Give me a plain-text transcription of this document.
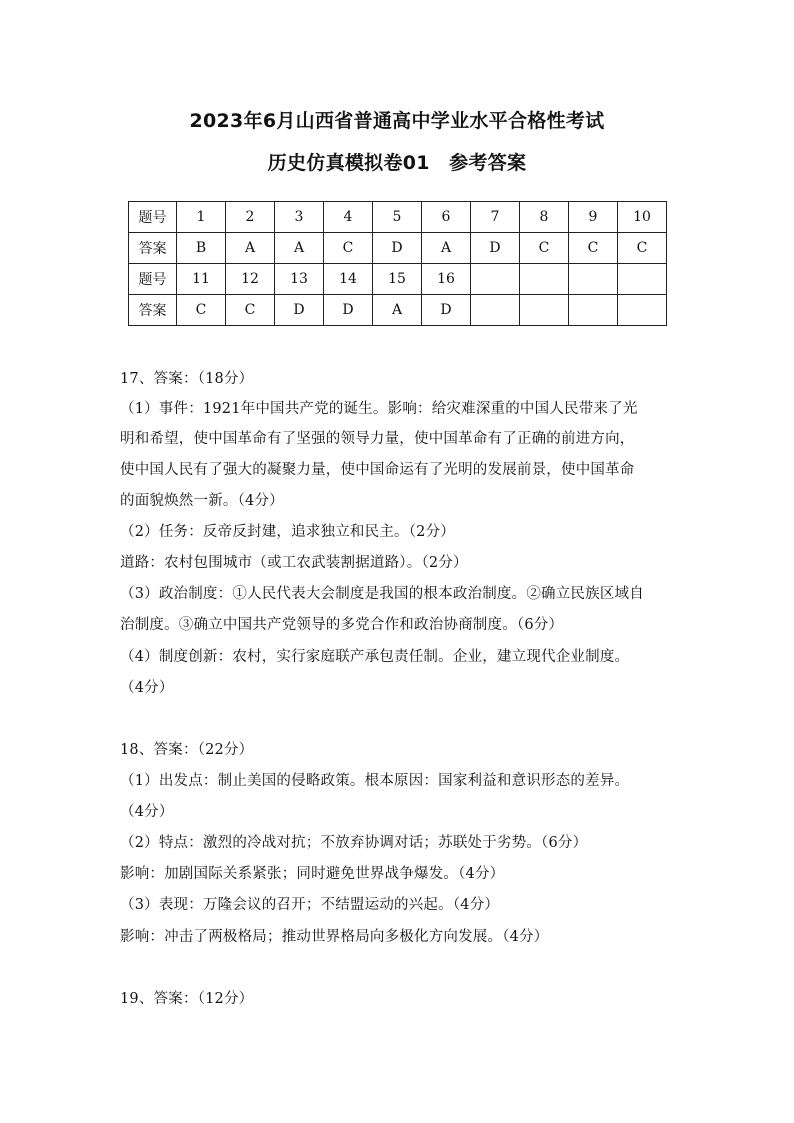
2023年6月山西省普通高中学业水平合格性考试
历史仿真模拟卷01　参考答案
题号	1	2	3	4	5	6	7	8	9	10
答案	B	A	A	C	D	A	D	C	C	C
题号	11	12	13	14	15	16				
答案	C	C	D	D	A	D				
17、答案：（18分）
（1）事件：1921年中国共产党的诞生。影响：给灾难深重的中国人民带来了光
明和希望，使中国革命有了坚强的领导力量，使中国革命有了正确的前进方向，
使中国人民有了强大的凝聚力量，使中国命运有了光明的发展前景，使中国革命
的面貌焕然一新。（4分）
（2）任务：反帝反封建，追求独立和民主。（2分）
道路：农村包围城市（或工农武装割据道路）。（2分）
（3）政治制度：①人民代表大会制度是我国的根本政治制度。②确立民族区域自
治制度。③确立中国共产党领导的多党合作和政治协商制度。（6分）
（4）制度创新：农村，实行家庭联产承包责任制。企业，建立现代企业制度。
（4分）
18、答案：（22分）
（1）出发点：制止美国的侵略政策。根本原因：国家利益和意识形态的差异。
（4分）
（2）特点：激烈的冷战对抗；不放弃协调对话；苏联处于劣势。（6分）
影响：加剧国际关系紧张；同时避免世界战争爆发。（4分）
（3）表现：万隆会议的召开；不结盟运动的兴起。（4分）
影响：冲击了两极格局；推动世界格局向多极化方向发展。（4分）
19、答案：（12分）
